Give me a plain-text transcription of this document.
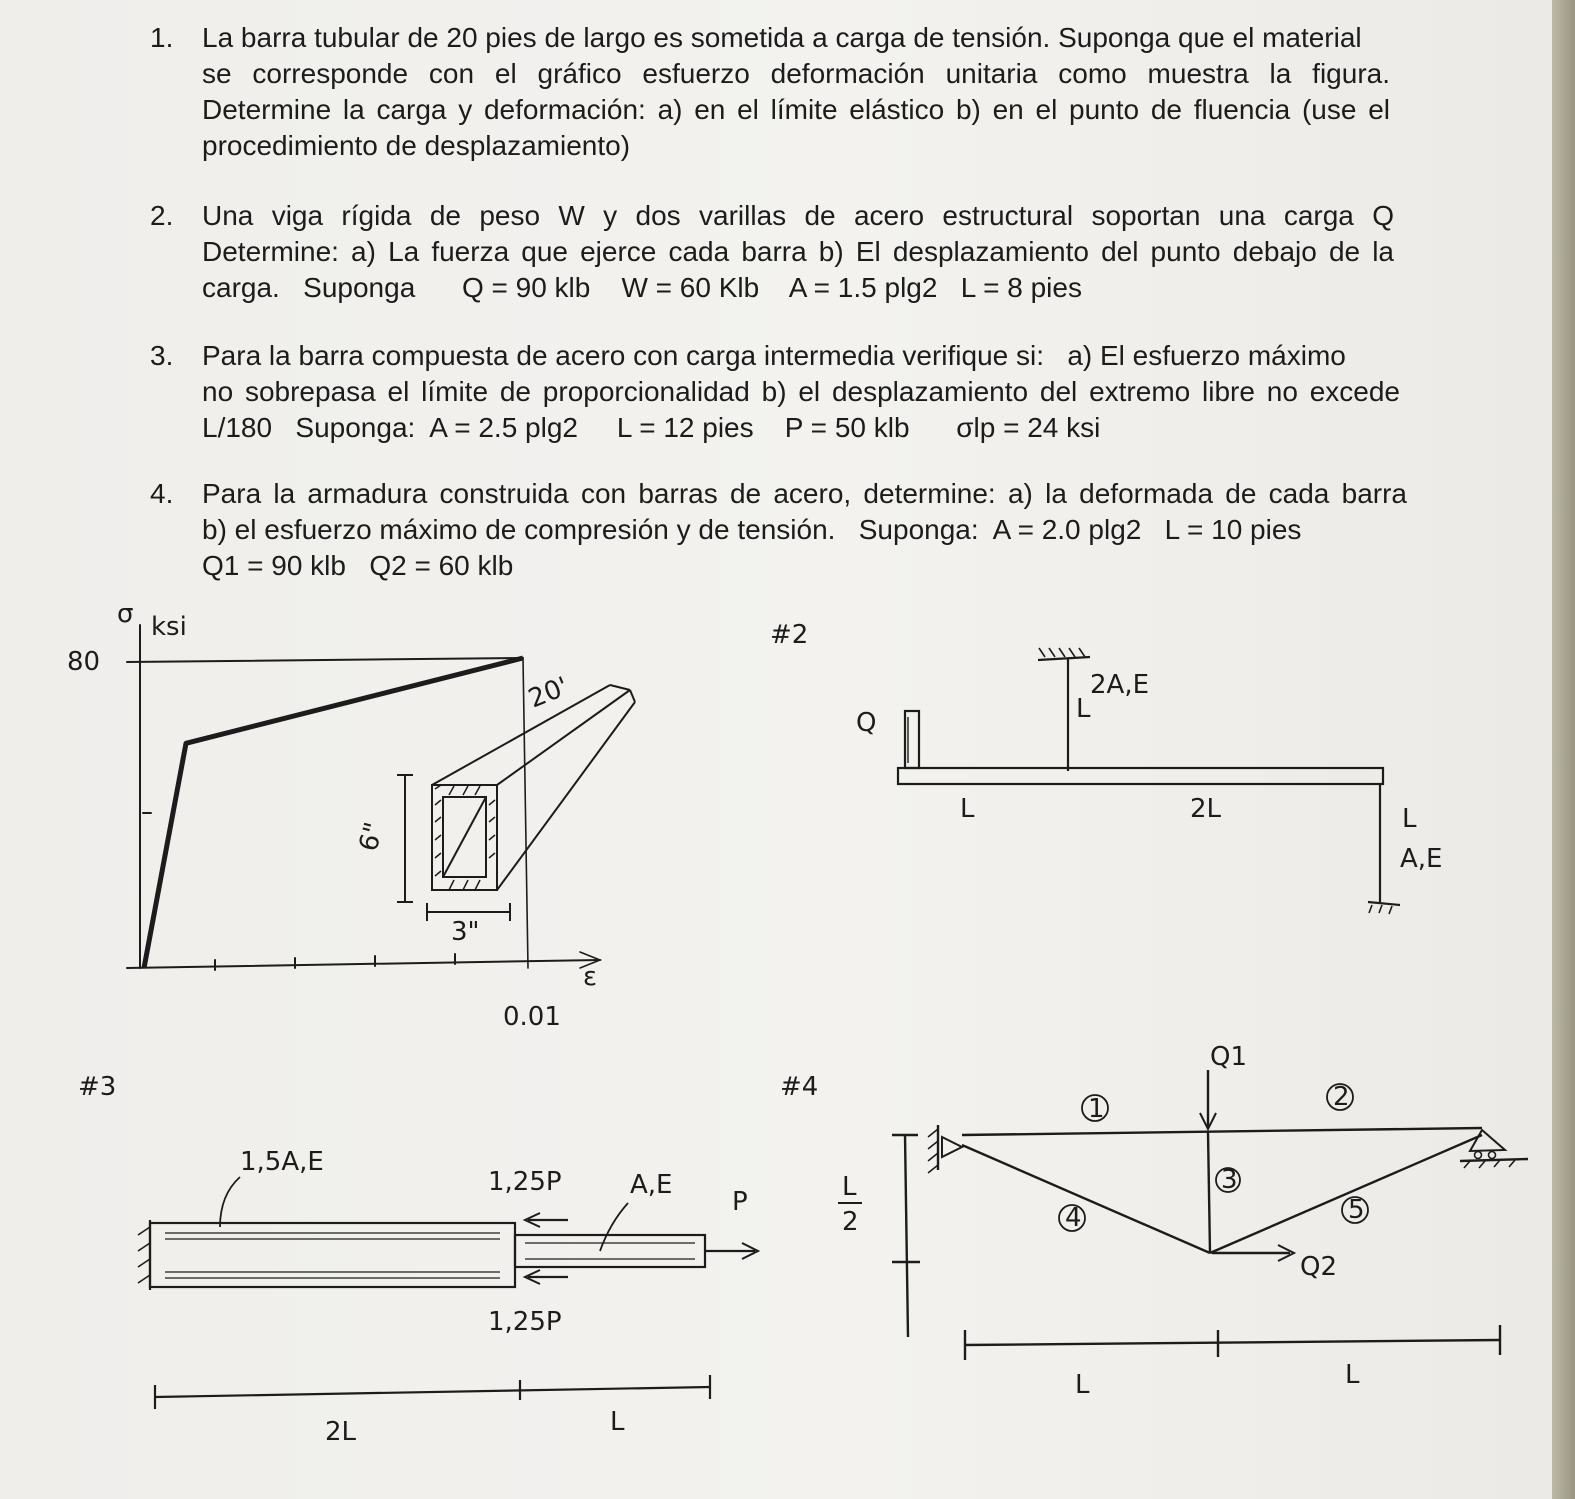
1.	La barra tubular de 20 pies de largo es sometida a carga de tensión. Suponga que el material
se corresponde con el gráfico esfuerzo deformación unitaria como muestra la figura.
Determine la carga y deformación: a) en el límite elástico b) en el punto de fluencia (use el
procedimiento de desplazamiento)
2.	Una viga rígida de peso W y dos varillas de acero estructural soportan una carga Q
Determine: a) La fuerza que ejerce cada barra b) El desplazamiento del punto debajo de la
carga.   Suponga      Q = 90 klb    W = 60 Klb    A = 1.5 plg2   L = 8 pies
3.	Para la barra compuesta de acero con carga intermedia verifique si:   a) El esfuerzo máximo
no sobrepasa el límite de proporcionalidad b) el desplazamiento del extremo libre no excede
L/180   Suponga:  A = 2.5 plg2     L = 12 pies    P = 50 klb      σlp = 24 ksi
4.	Para la armadura construida con barras de acero, determine: a) la deformada de cada barra
b) el esfuerzo máximo de compresión y de tensión.   Suponga:  A = 2.0 plg2   L = 10 pies
Q1 = 90 klb   Q2 = 60 klb
σ ksi
80
ε
0.01
20'
6"
3"
#2
Q
2A,E
L
L	2L	L
A,E
#3
1,5A,E
A,E
1,25P
1,25P
P
2L	L
#4
1	2
3
4	5
Q1
Q2
L
2
L	L
